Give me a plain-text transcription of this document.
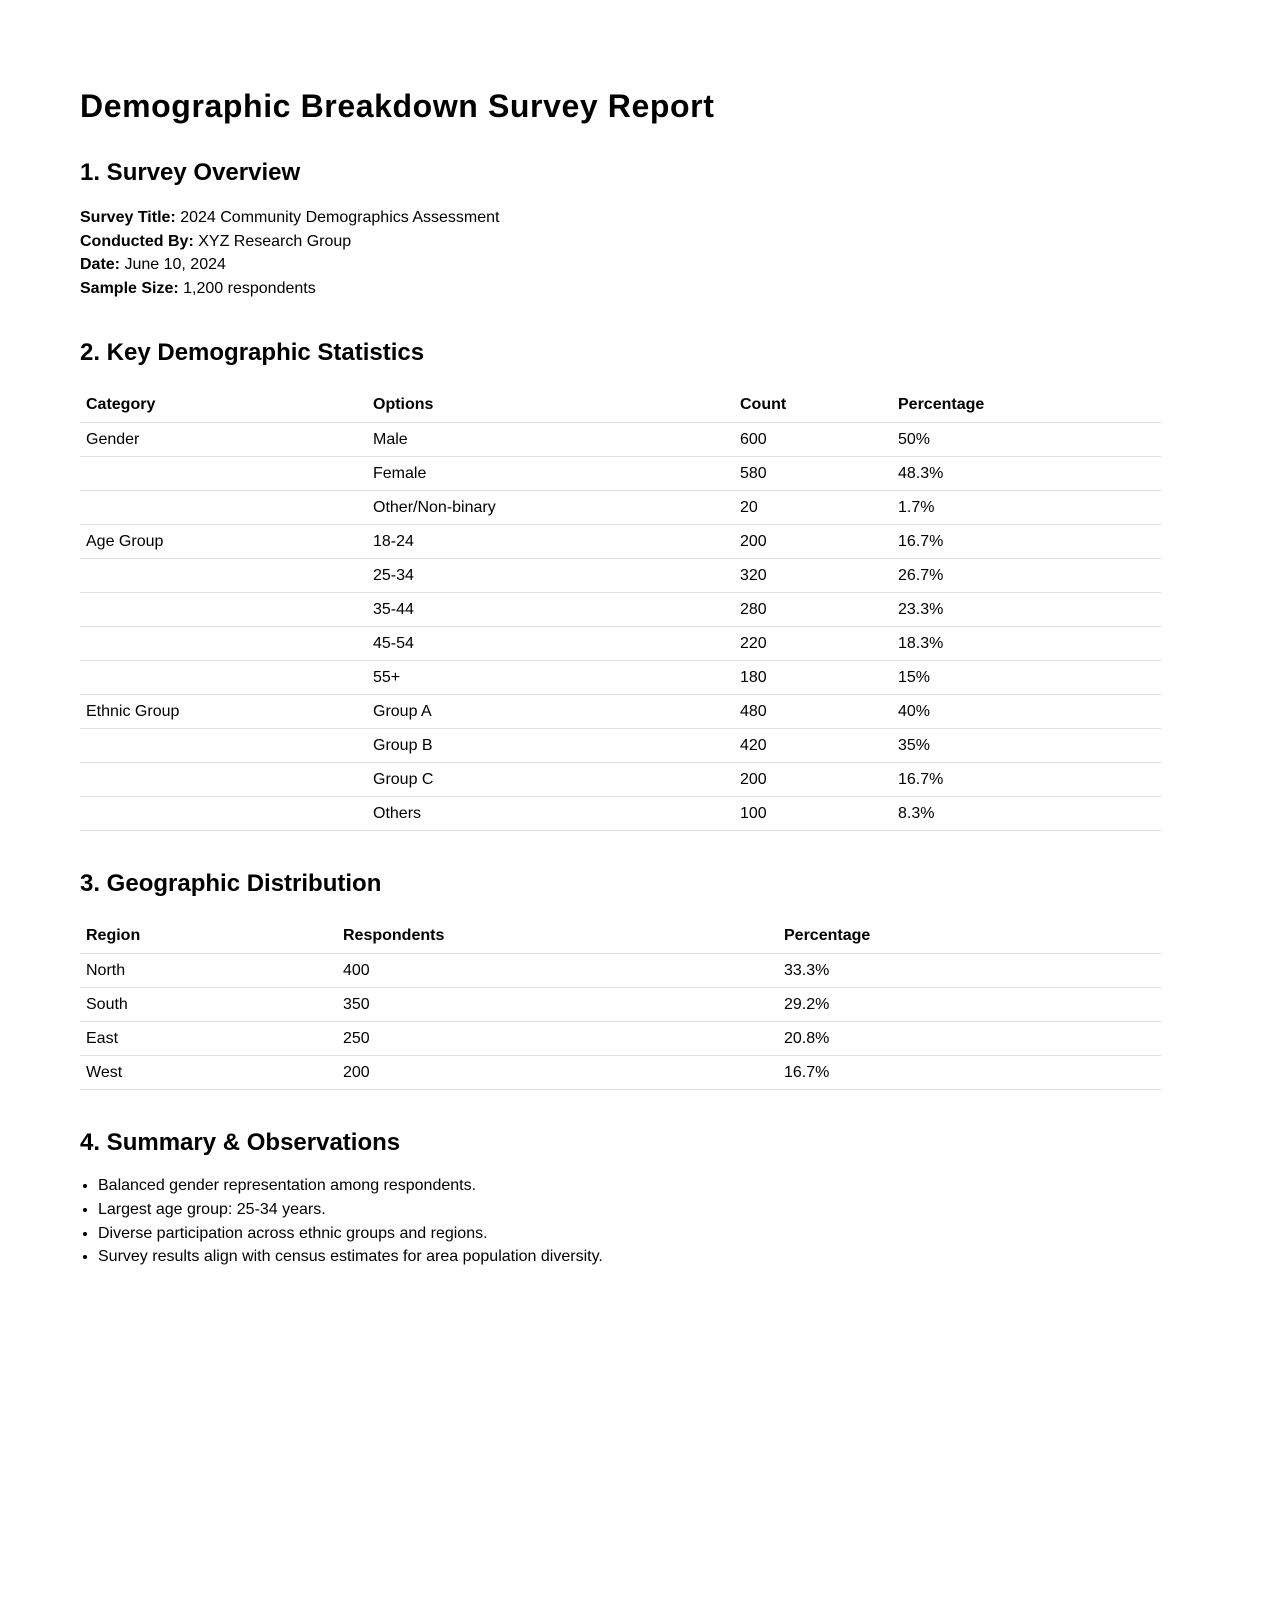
Demographic Breakdown Survey Report
1. Survey Overview
Survey Title: 2024 Community Demographics Assessment
Conducted By: XYZ Research Group
Date: June 10, 2024
Sample Size: 1,200 respondents
2. Key Demographic Statistics
Category	Options	Count	Percentage
Gender	Male	600	50%
	Female	580	48.3%
	Other/Non-binary	20	1.7%
Age Group	18-24	200	16.7%
	25-34	320	26.7%
	35-44	280	23.3%
	45-54	220	18.3%
	55+	180	15%
Ethnic Group	Group A	480	40%
	Group B	420	35%
	Group C	200	16.7%
	Others	100	8.3%
3. Geographic Distribution
Region	Respondents	Percentage
North	400	33.3%
South	350	29.2%
East	250	20.8%
West	200	16.7%
4. Summary & Observations
• Balanced gender representation among respondents.
• Largest age group: 25-34 years.
• Diverse participation across ethnic groups and regions.
• Survey results align with census estimates for area population diversity.
